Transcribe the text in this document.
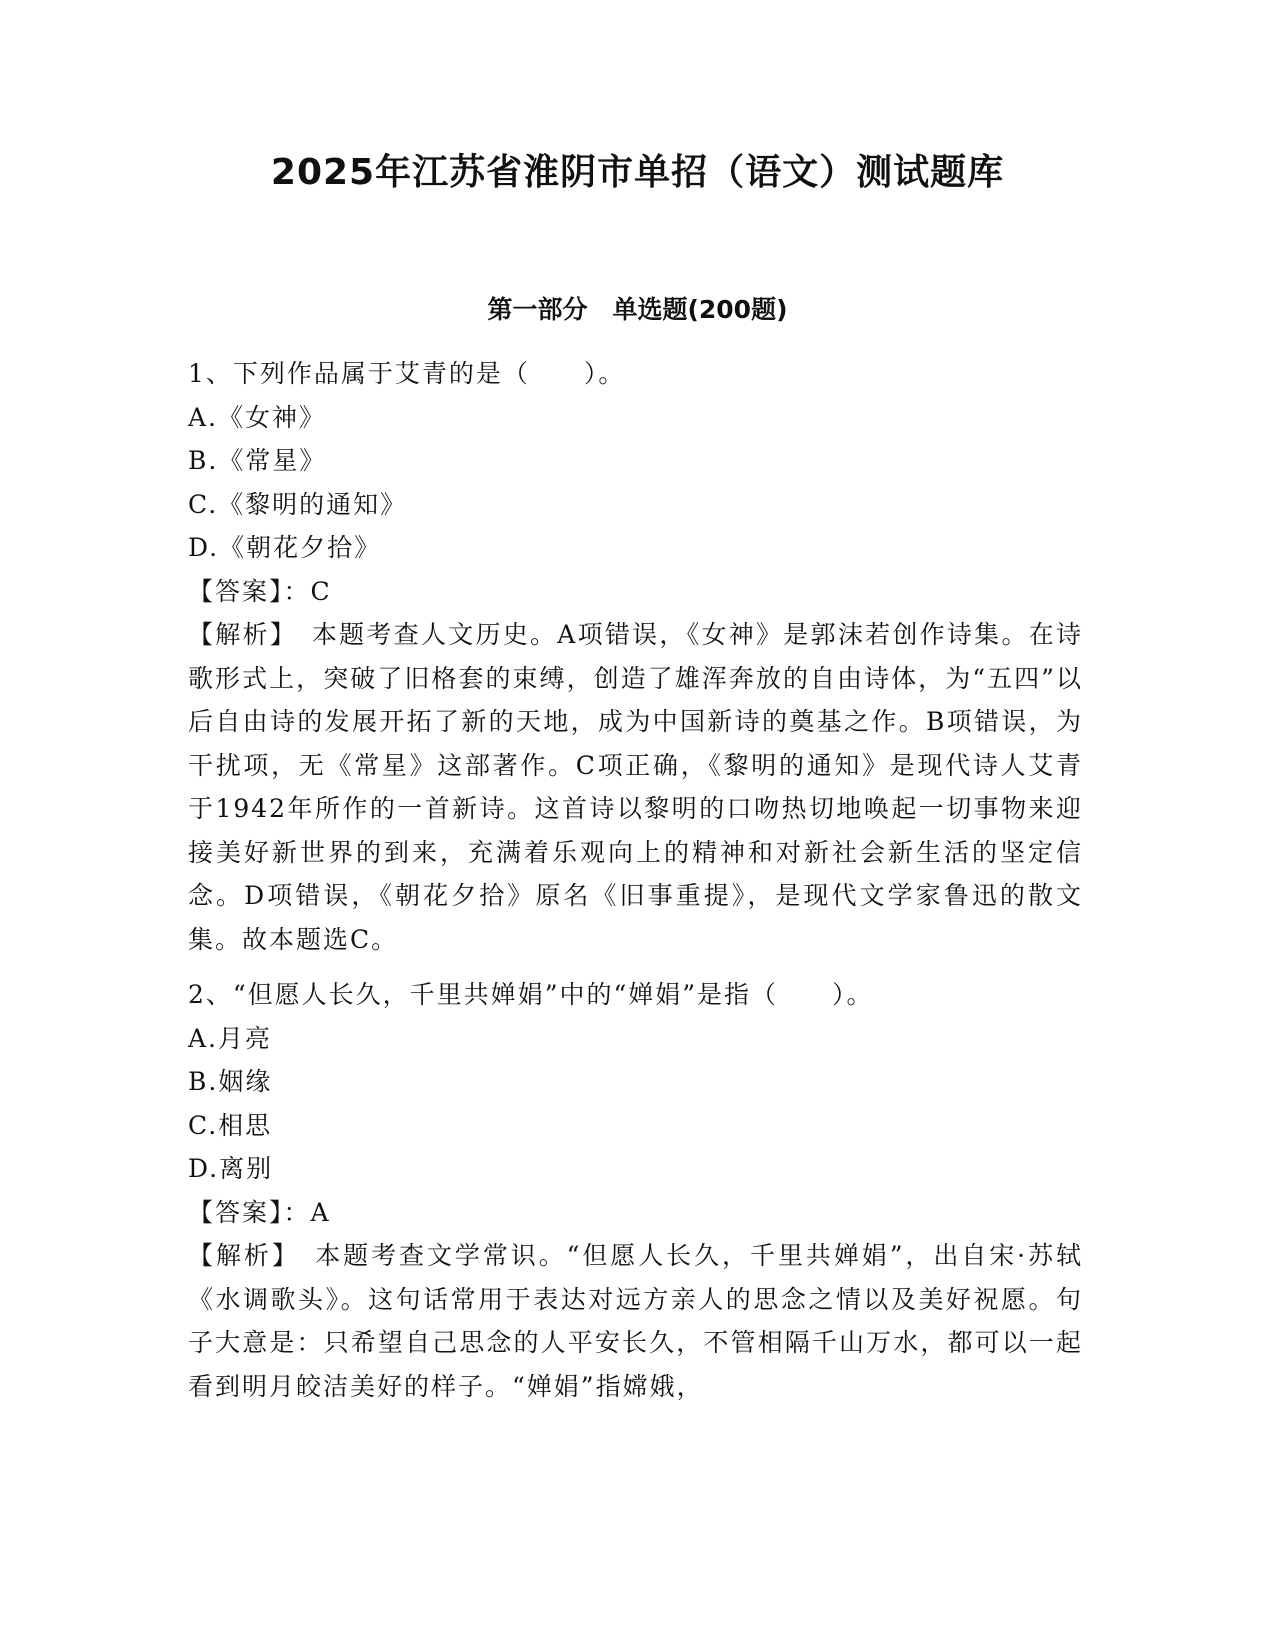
2025年江苏省淮阴市单招（语文）测试题库
第一部分　单选题(200题)
1、下列作品属于艾青的是（　　）。
A.《女神》
B.《常星》
C.《黎明的通知》
D.《朝花夕拾》
【答案】：C
【解析】　本题考查人文历史。A项错误，《女神》是郭沫若创作诗集。在诗歌形式上，突破了旧格套的束缚，创造了雄浑奔放的自由诗体，为“五四”以后自由诗的发展开拓了新的天地，成为中国新诗的奠基之作。B项错误，为干扰项，无《常星》这部著作。C项正确，《黎明的通知》是现代诗人艾青于1942年所作的一首新诗。这首诗以黎明的口吻热切地唤起一切事物来迎接美好新世界的到来，充满着乐观向上的精神和对新社会新生活的坚定信念。D项错误，《朝花夕拾》原名《旧事重提》，是现代文学家鲁迅的散文集。故本题选C。
2、“但愿人长久，千里共婵娟”中的“婵娟”是指（　　）。
A.月亮
B.姻缘
C.相思
D.离别
【答案】：A
【解析】　本题考查文学常识。“但愿人长久，千里共婵娟”，出自宋·苏轼《水调歌头》。这句话常用于表达对远方亲人的思念之情以及美好祝愿。句子大意是：只希望自己思念的人平安长久，不管相隔千山万水，都可以一起看到明月皎洁美好的样子。“婵娟”指嫦娥，
